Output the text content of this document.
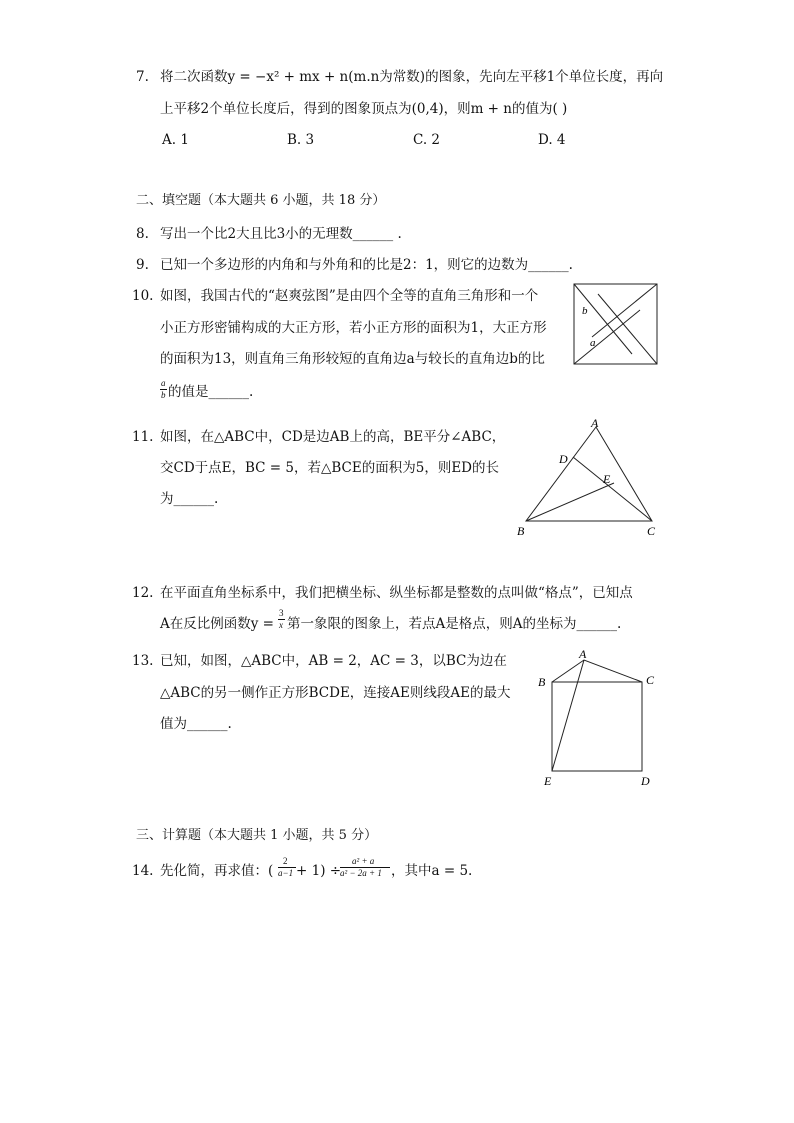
7. 将二次函数y = −x² + mx + n(m.n为常数)的图象，先向左平移1个单位长度，再向
上平移2个单位长度后，得到的图象顶点为(0,4)，则m + n的值为( )
A. 1	B. 3	C. 2	D. 4
二、填空题（本大题共 6 小题，共 18 分）
8. 写出一个比2大且比3小的无理数______ .
9. 已知一个多边形的内角和与外角和的比是2：1，则它的边数为______.
10. 如图，我国古代的“赵爽弦图”是由四个全等的直角三角形和一个
小正方形密铺构成的大正方形，若小正方形的面积为1，大正方形
的面积为13，则直角三角形较短的直角边a与较长的直角边b的比
a
b 的值是______.
b
a
11. 如图，在△ABC中，CD是边AB上的高，BE平分∠ABC，
交CD于点E，BC = 5，若△BCE的面积为5，则ED的长
为______.
A
D
E
B	C
12. 在平面直角坐标系中，我们把横坐标、纵坐标都是整数的点叫做“格点”，已知点
A在反比例函数y =
3
x 第一象限的图象上，若点A是格点，则A的坐标为______.
13. 已知，如图，△ABC中，AB = 2，AC = 3，以BC为边在
△ABC的另一侧作正方形BCDE，连接AE则线段AE的最大
值为______.
A
B	C
E	D
三、计算题（本大题共 1 小题，共 5 分）
14. 先化简，再求值：(
2
a−1 + 1) ÷
a² + a
a² − 2a + 1 ，其中a = 5.
